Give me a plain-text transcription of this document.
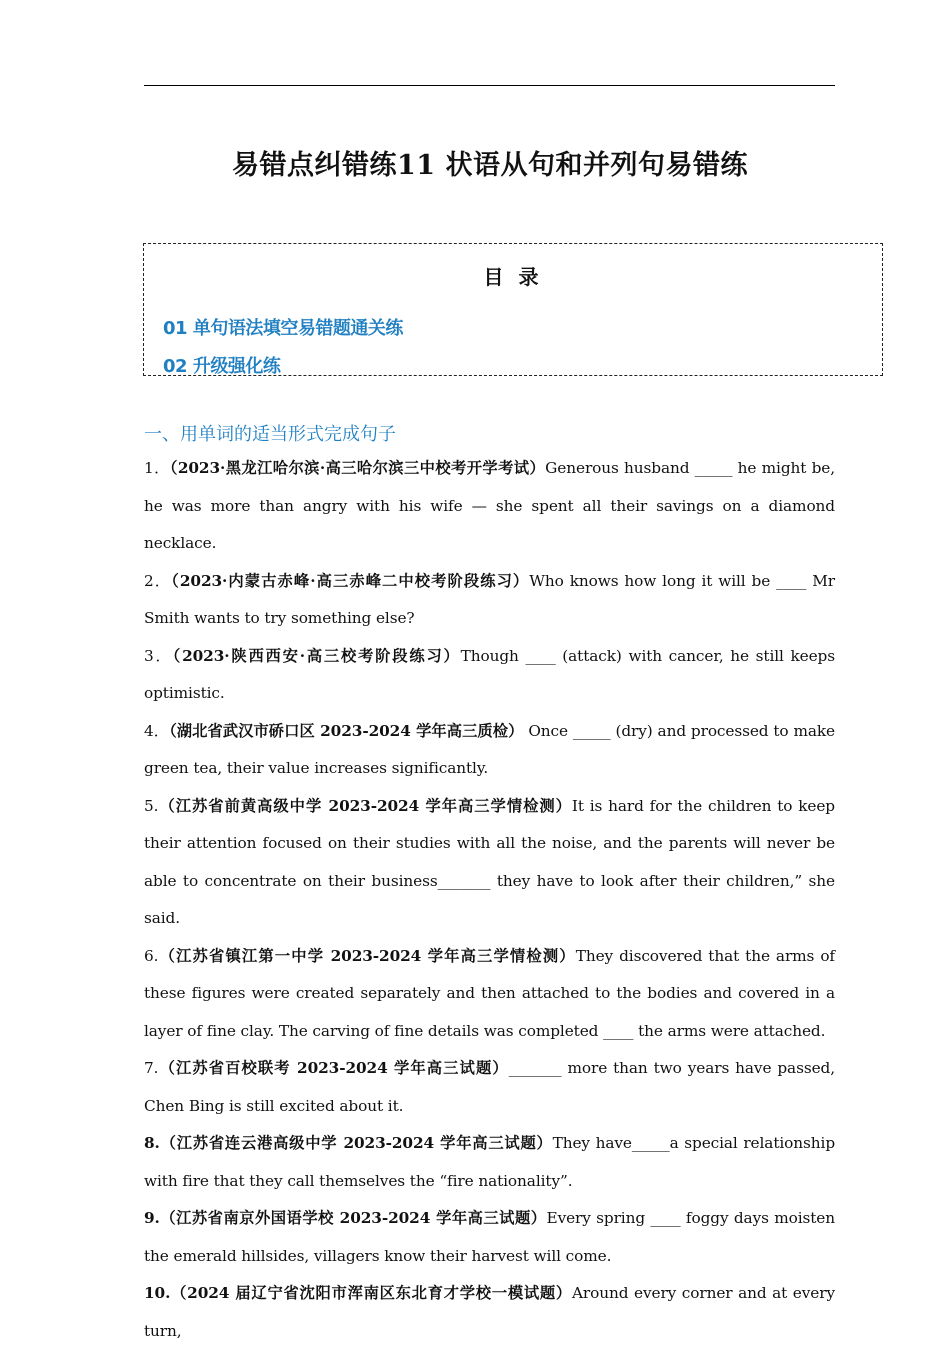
易错点纠错练11 状语从句和并列句易错练
目 录
01 单句语法填空易错题通关练
02 升级强化练
一、用单词的适当形式完成句子
1．（2023·黑龙江哈尔滨·高三哈尔滨三中校考开学考试）Generous husband _____ he might be, he was more than angry with his wife — she spent all their savings on a diamond necklace.
2．（2023·内蒙古赤峰·高三赤峰二中校考阶段练习）Who knows how long it will be ____ Mr Smith wants to try something else?
3．（2023·陕西西安·高三校考阶段练习）Though ____ (attack) with cancer, he still keeps optimistic.
4．（湖北省武汉市硚口区 2023-2024 学年高三质检） Once _____ (dry) and processed to make green tea, their value increases significantly.
5.（江苏省前黄高级中学 2023-2024 学年高三学情检测）It is hard for the children to keep their attention focused on their studies with all the noise, and the parents will never be able to concentrate on their business_______ they have to look after their children,” she said.
6.（江苏省镇江第一中学 2023-2024 学年高三学情检测）They discovered that the arms of these figures were created separately and then attached to the bodies and covered in a layer of fine clay. The carving of fine details was completed ____ the arms were attached.
7.（江苏省百校联考 2023-2024 学年高三试题）_______ more than two years have passed, Chen Bing is still excited about it.
8.（江苏省连云港高级中学 2023-2024 学年高三试题）They have_____a special relationship with fire that they call themselves the “fire nationality”.
9.（江苏省南京外国语学校 2023-2024 学年高三试题）Every spring ____ foggy days moisten the emerald hillsides, villagers know their harvest will come.
10.（2024 届辽宁省沈阳市浑南区东北育才学校一模试题）Around every corner and at every turn,
